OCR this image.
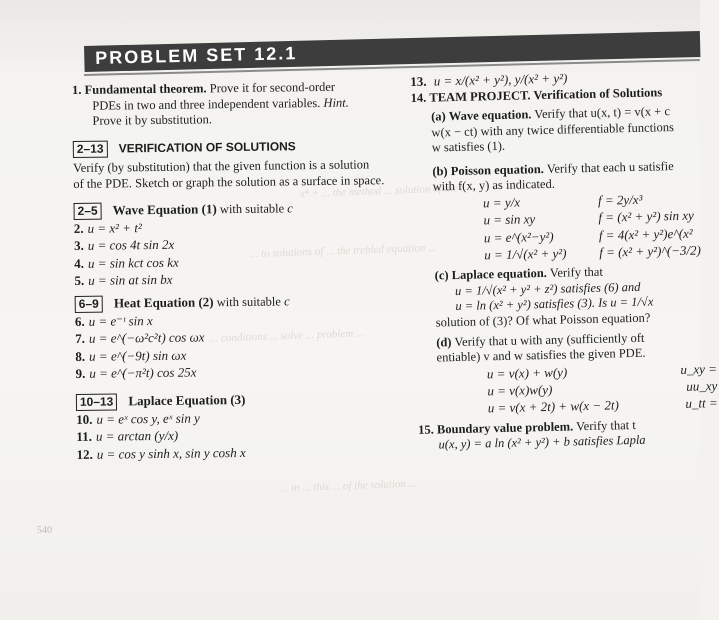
x⁴ + ... the method ... solution of the ...
... to solutions of ... the trebled equation ...
... conditions ... solve ... problem ...
... in ... this ... of the solution ...
PROBLEM SET 12.1
1. Fundamental theorem. Prove it for second-order
PDEs in two and three independent variables. Hint.
Prove it by substitution.
2–13 VERIFICATION OF SOLUTIONS
Verify (by substitution) that the given function is a solution
of the PDE. Sketch or graph the solution as a surface in space.
2–5 Wave Equation (1) with suitable c
2. u = x² + t²
3. u = cos 4t sin 2x
4. u = sin kct cos kx
5. u = sin at sin bx
6–9 Heat Equation (2) with suitable c
6. u = e⁻ᵗ sin x
7. u = e^(−ω²c²t) cos ωx
8. u = e^(−9t) sin ωx
9. u = e^(−π²t) cos 25x
10–13 Laplace Equation (3)
10. u = eˣ cos y, eˣ sin y
11. u = arctan (y/x)
12. u = cos y sinh x, sin y cosh x
13. u = x/(x² + y²), y/(x² + y²)
14. TEAM PROJECT. Verification of Solutions
(a) Wave equation. Verify that u(x, t) = v(x + c
w(x − ct) with any twice differentiable functions
w satisfies (1).
(b) Poisson equation. Verify that each u satisfie
with f(x, y) as indicated.
u = y/x	f = 2y/x³
u = sin xy	f = (x² + y²) sin xy
u = e^(x²−y²)	f = 4(x² + y²)e^(x²
u = 1/√(x² + y²)	f = (x² + y²)^(−3/2)
(c) Laplace equation. Verify that
u = 1/√(x² + y² + z²) satisfies (6) and
u = ln (x² + y²) satisfies (3). Is u = 1/√x
solution of (3)? Of what Poisson equation?
(d) Verify that u with any (sufficiently oft
entiable) v and w satisfies the given PDE.
u = v(x) + w(y)	u_xy =
u = v(x)w(y)	uu_xy
u = v(x + 2t) + w(x − 2t)	u_tt =
15. Boundary value problem. Verify that t
u(x, y) = a ln (x² + y²) + b satisfies Lapla
540
